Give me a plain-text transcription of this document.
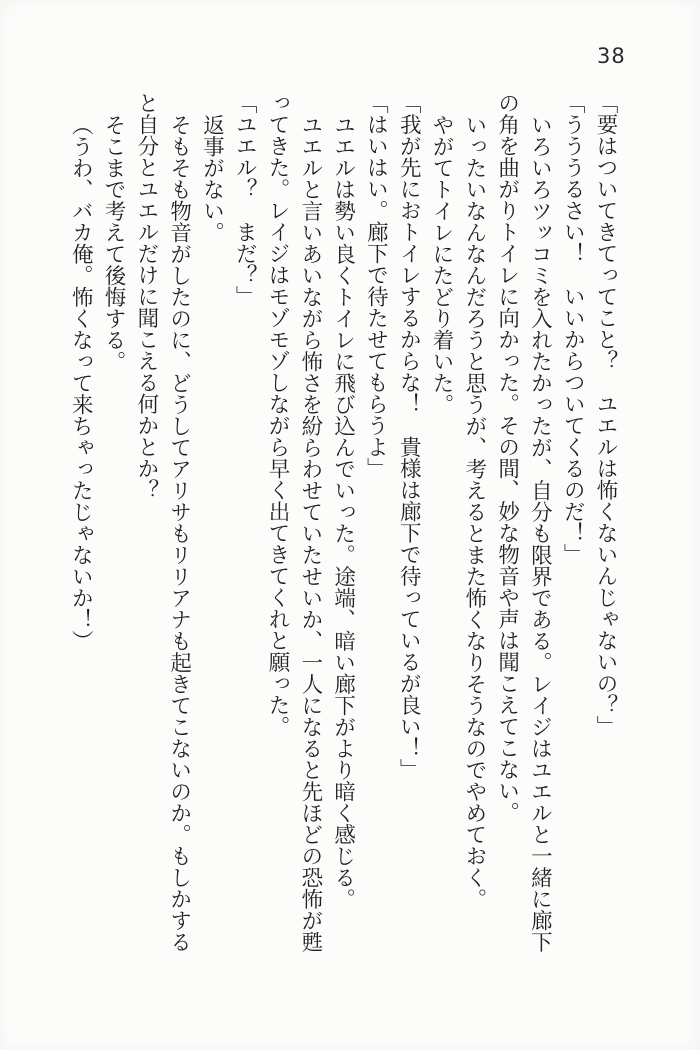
38

「要はついてきてってこと？　ユエルは怖くないんじゃないの？」

「うううるさい！　いいからついてくるのだ！」

いろいろツッコミを入れたかったが、自分も限界である。レイジはユエルと一緒に廊下の角を曲がりトイレに向かった。その間、妙な物音や声は聞こえてこない。

いったいなんなんだろうと思うが、考えるとまた怖くなりそうなのでやめておく。

やがてトイレにたどり着いた。

「我が先におトイレするからな！　貴様は廊下で待っているが良い！」

「はいはい。廊下で待たせてもらうよ」

ユエルは勢い良くトイレに飛び込んでいった。途端、暗い廊下がより暗く感じる。

ユエルと言いあいながら怖さを紛らわせていたせいか、一人になると先ほどの恐怖が甦ってきた。レイジはモゾモゾしながら早く出てきてくれと願った。

「ユエル？　まだ？」

返事がない。

そもそも物音がしたのに、どうしてアリサもリリアナも起きてこないのか。もしかすると自分とユエルだけに聞こえる何かとか？

そこまで考えて後悔する。

（うわ、バカ俺。怖くなって来ちゃったじゃないか！）
